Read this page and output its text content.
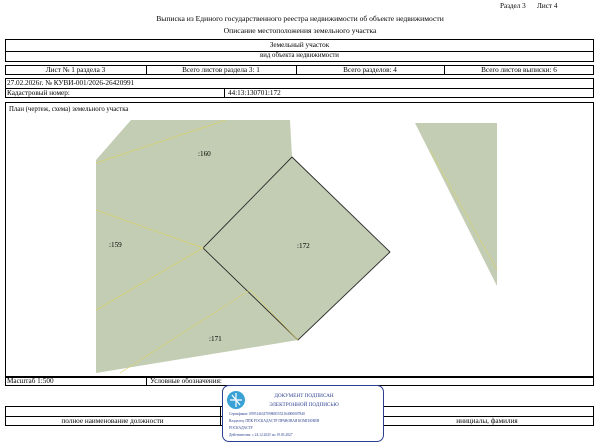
Раздел 3 Лист 4
Выписка из Единого государственного реестра недвижимости об объекте недвижимости
Описание местоположения земельного участка
Земельный участок
вид объекта недвижимости
Лист № 1 раздела 3	Всего листов раздела 3: 1	Всего разделов: 4	Всего листов выписки: 6
27.02.2026г. № КУВИ-001/2026-26420991
Кадастровый номер:	44:13:130701:172
План (чертеж, схема) земельного участка
:160
:159	:172
:171
Масштаб 1:500	Условные обозначения:
полное наименование должности	инициалы, фамилия
ДОКУМЕНТ ПОДПИСАН
ЭЛЕКТРОННОЙ ПОДПИСЬЮ
Сертификат: 0995146347098685552164000007840
Владелец: ППК РОСКАДАСТР ПРАВОВАЯ КОМПАНИЯ
РОСКАДАСТР
Действителен: с 24.12.2025 по 19.03.2027
